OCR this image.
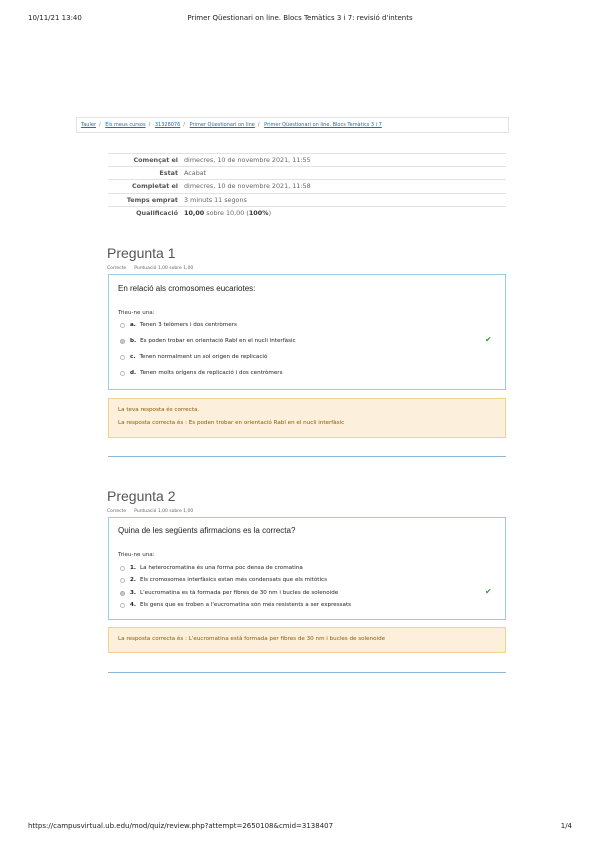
10/11/21 13:40	Primer Qüestionari on line. Blocs Temàtics 3 i 7: revisió d'intents
Tauler / Els meus cursos / 31328076 / Primer Qüestionari on line / Primer Qüestionari on line. Blocs Temàtics 3 i 7
Començat el dimecres, 10 de novembre 2021, 11:55
Estat Acabat
Completat el dimecres, 10 de novembre 2021, 11:58
Temps emprat 3 minuts 11 segons
Qualificació 10,00 sobre 10,00 (100%)
Pregunta 1
Correcte Puntuació 1,00 sobre 1,00
En relació als cromosomes eucariotes:
Trieu-ne una:
a. Tenen 3 telòmers i dos centròmers
b. Es poden trobar en orientació Rabl en el nucli interfàsic	✔
c. Tenen normalment un sol origen de replicació
d. Tenen molts orígens de replicació i dos centròmers
La teva resposta és correcta.
La resposta correcta és : Es poden trobar en orientació Rabl en el nucli interfàsic
Pregunta 2
Correcte Puntuació 1,00 sobre 1,00
Quina de les següents afirmacions es la correcta?
Trieu-ne una:
1. La heterocromatina és una forma poc densa de cromatina
2. Els cromosomes interfàsics estan més condensats que els mitòtics
3. L'eucromatina es tà formada per fibres de 30 nm i bucles de solenoide	✔
4. Els gens que es troben a l'eucromatina són més resistents a ser expressats
La resposta correcta és : L'eucromatina està formada per fibres de 30 nm i bucles de solenoide
https://campusvirtual.ub.edu/mod/quiz/review.php?attempt=2650108&cmid=3138407	1/4
